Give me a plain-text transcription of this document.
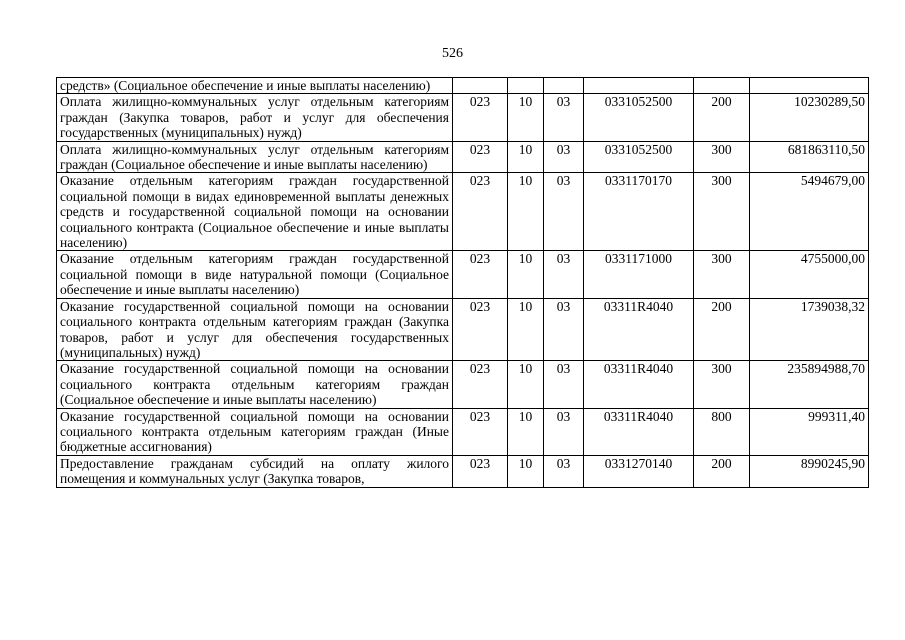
526
средств» (Социальное обеспечение и иные выплаты населению)						
Оплата жилищно-коммунальных услуг отдельным категориям граждан (Закупка товаров, работ и услуг для обеспечения государственных (муниципальных) нужд)	023	10	03	0331052500	200	10230289,50
Оплата жилищно-коммунальных услуг отдельным категориям граждан (Социальное обеспечение и иные выплаты населению)	023	10	03	0331052500	300	681863110,50
Оказание отдельным категориям граждан государственной социальной помощи в видах единовременной выплаты денежных средств и государственной социальной помощи на основании социального контракта (Социальное обеспечение и иные выплаты населению)	023	10	03	0331170170	300	5494679,00
Оказание отдельным категориям граждан государственной социальной помощи в виде натуральной помощи (Социальное обеспечение и иные выплаты населению)	023	10	03	0331171000	300	4755000,00
Оказание государственной социальной помощи на основании социального контракта отдельным категориям граждан (Закупка товаров, работ и услуг для обеспечения государственных (муниципальных) нужд)	023	10	03	03311R4040	200	1739038,32
Оказание государственной социальной помощи на основании социального контракта отдельным категориям граждан (Социальное обеспечение и иные выплаты населению)	023	10	03	03311R4040	300	235894988,70
Оказание государственной социальной помощи на основании социального контракта отдельным категориям граждан (Иные бюджетные ассигнования)	023	10	03	03311R4040	800	999311,40
Предоставление гражданам субсидий на оплату жилого помещения и коммунальных услуг (Закупка товаров,	023	10	03	0331270140	200	8990245,90
